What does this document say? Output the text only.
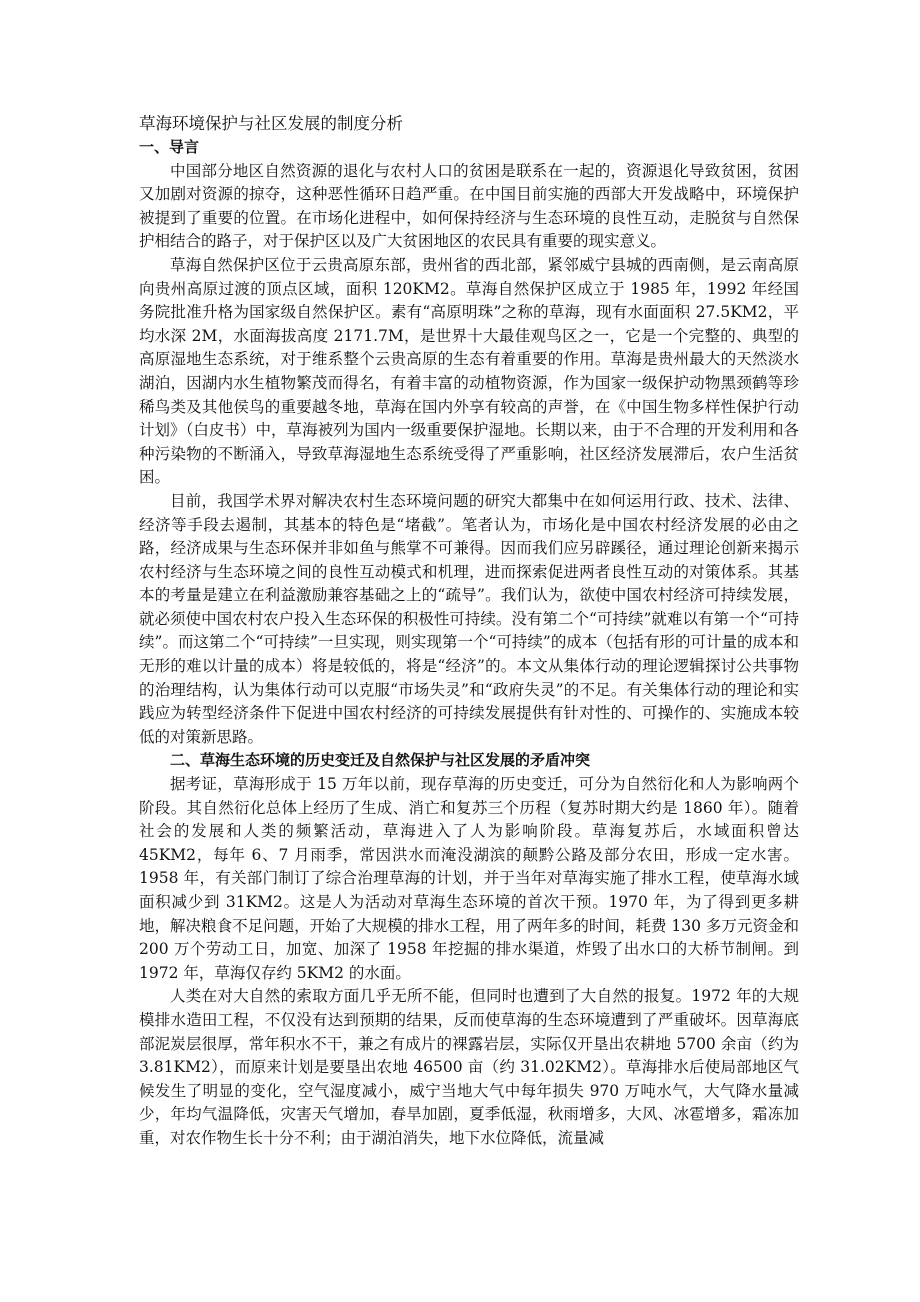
草海环境保护与社区发展的制度分析

一、导言

中国部分地区自然资源的退化与农村人口的贫困是联系在一起的，资源退化导致贫困，贫困又加剧对资源的掠夺，这种恶性循环日趋严重。在中国目前实施的西部大开发战略中，环境保护被提到了重要的位置。在市场化进程中，如何保持经济与生态环境的良性互动，走脱贫与自然保护相结合的路子，对于保护区以及广大贫困地区的农民具有重要的现实意义。

草海自然保护区位于云贵高原东部，贵州省的西北部，紧邻威宁县城的西南侧，是云南高原向贵州高原过渡的顶点区域，面积 120KM2。草海自然保护区成立于 1985 年，1992 年经国务院批准升格为国家级自然保护区。素有“高原明珠”之称的草海，现有水面面积 27.5KM2，平均水深 2M，水面海拔高度 2171.7M，是世界十大最佳观鸟区之一，它是一个完整的、典型的高原湿地生态系统，对于维系整个云贵高原的生态有着重要的作用。草海是贵州最大的天然淡水湖泊，因湖内水生植物繁茂而得名，有着丰富的动植物资源，作为国家一级保护动物黑颈鹤等珍稀鸟类及其他侯鸟的重要越冬地，草海在国内外享有较高的声誉，在《中国生物多样性保护行动计划》（白皮书）中，草海被列为国内一级重要保护湿地。长期以来，由于不合理的开发利用和各种污染物的不断涌入，导致草海湿地生态系统受得了严重影响，社区经济发展滞后，农户生活贫困。

目前，我国学术界对解决农村生态环境问题的研究大都集中在如何运用行政、技术、法律、经济等手段去遏制，其基本的特色是“堵截”。笔者认为，市场化是中国农村经济发展的必由之路，经济成果与生态环保并非如鱼与熊掌不可兼得。因而我们应另辟蹊径，通过理论创新来揭示农村经济与生态环境之间的良性互动模式和机理，进而探索促进两者良性互动的对策体系。其基本的考量是建立在利益激励兼容基础之上的“疏导”。我们认为，欲使中国农村经济可持续发展，就必须使中国农村农户投入生态环保的积极性可持续。没有第二个“可持续”就难以有第一个“可持续”。而这第二个“可持续”一旦实现，则实现第一个“可持续”的成本（包括有形的可计量的成本和无形的难以计量的成本）将是较低的，将是“经济”的。本文从集体行动的理论逻辑探讨公共事物的治理结构，认为集体行动可以克服“市场失灵”和“政府失灵”的不足。有关集体行动的理论和实践应为转型经济条件下促进中国农村经济的可持续发展提供有针对性的、可操作的、实施成本较低的对策新思路。

二、草海生态环境的历史变迁及自然保护与社区发展的矛盾冲突

据考证，草海形成于 15 万年以前，现存草海的历史变迁，可分为自然衍化和人为影响两个阶段。其自然衍化总体上经历了生成、消亡和复苏三个历程（复苏时期大约是 1860 年）。随着社会的发展和人类的频繁活动，草海进入了人为影响阶段。草海复苏后，水域面积曾达 45KM2，每年 6、7 月雨季，常因洪水而淹没湖滨的颠黔公路及部分农田，形成一定水害。1958 年，有关部门制订了综合治理草海的计划，并于当年对草海实施了排水工程，使草海水域面积减少到 31KM2。这是人为活动对草海生态环境的首次干预。1970 年，为了得到更多耕地，解决粮食不足问题，开始了大规模的排水工程，用了两年多的时间，耗费 130 多万元资金和 200 万个劳动工日，加宽、加深了 1958 年挖掘的排水渠道，炸毁了出水口的大桥节制闸。到 1972 年，草海仅存约 5KM2 的水面。

人类在对大自然的索取方面几乎无所不能，但同时也遭到了大自然的报复。1972 年的大规模排水造田工程，不仅没有达到预期的结果，反而使草海的生态环境遭到了严重破坏。因草海底部泥炭层很厚，常年积水不干，兼之有成片的裸露岩层，实际仅开垦出农耕地 5700 余亩（约为 3.81KM2），而原来计划是要垦出农地 46500 亩（约 31.02KM2）。草海排水后使局部地区气候发生了明显的变化，空气湿度减小，威宁当地大气中每年损失 970 万吨水气，大气降水量减少，年均气温降低，灾害天气增加，春旱加剧，夏季低湿，秋雨增多，大风、冰雹增多，霜冻加重，对农作物生长十分不利；由于湖泊消失，地下水位降低，流量减
